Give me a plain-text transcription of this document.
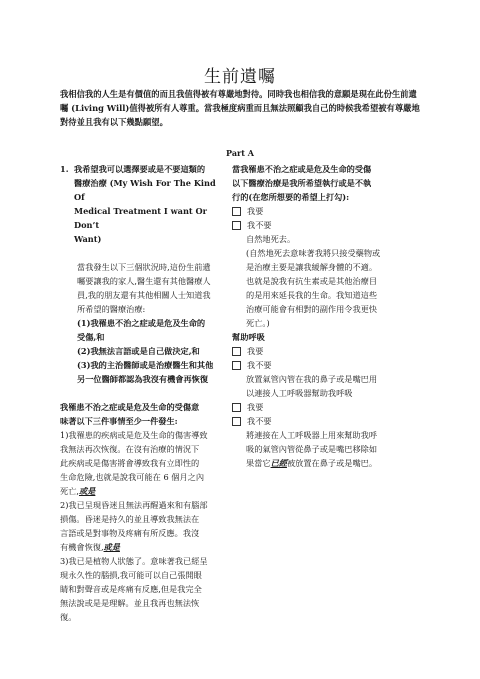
生前遺囑
我相信我的人生是有價值的而且我值得被有尊嚴地對待。同時我也相信我的意願是現在此份生前遺囑 (Living Will)值得被所有人尊重。當我極度病重而且無法照顧我自己的時候我希望被有尊嚴地對待並且我有以下幾點願望。
Part A
1. 我希望我可以選擇要或是不要這類的
醫療治療 (My Wish For The Kind Of
Medical Treatment I want Or Don’t
Want)
當我發生以下三個狀況時,這份生前遺
囑要讓我的家人,醫生還有其他醫療人
員,我的朋友還有其他相關人士知道我
所希望的醫療治療:
(1)我罹患不治之症或是危及生命的
受傷,和
(2)我無法言語或是自己做決定,和
(3)我的主治醫師或是治療醫生和其他
另一位醫師都認為我沒有機會再恢復
我罹患不治之症或是危及生命的受傷意
味著以下三件事情至少一件發生:
1)我罹患的疾病或是危及生命的傷害導致
我無法再次恢復。在沒有治療的情況下
此疾病或是傷害將會導致我有立即性的
生命危險,也就是說我可能在 6 個月之內
死亡,或是
2)我已呈現昏迷且無法再醒過來和有腦部
損傷。昏迷是持久的並且導致我無法在
言語或是對事物及疼痛有所反應。我沒
有機會恢復,或是
3)我已是植物人狀態了。意味著我已經呈
現永久性的腦損,我可能可以自己張開眼
睛和對聲音或是疼痛有反應,但是我完全
無法說或是是理解。並且我再也無法恢
復。
當我罹患不治之症或是危及生命的受傷
以下醫療治療是我所希望執行或是不執
行的(在您所想要的希望上打勾):
我要
我不要
自然地死去。
(自然地死去意味著我將只接受藥物或
是治療主要是讓我緩解身體的不適。
也就是說我有抗生素或是其他治療目
的是用來延長我的生命。我知道這些
治療可能會有相對的副作用令我更快
死亡。)
幫助呼吸
我要
我不要
放置氣管內管在我的鼻子或是嘴巴用
以連接人工呼吸器幫助我呼吸
我要
我不要
將連接在人工呼吸器上用來幫助我呼
吸的氣管內管從鼻子或是嘴巴移除如
果當它已經被放置在鼻子或是嘴巴。
